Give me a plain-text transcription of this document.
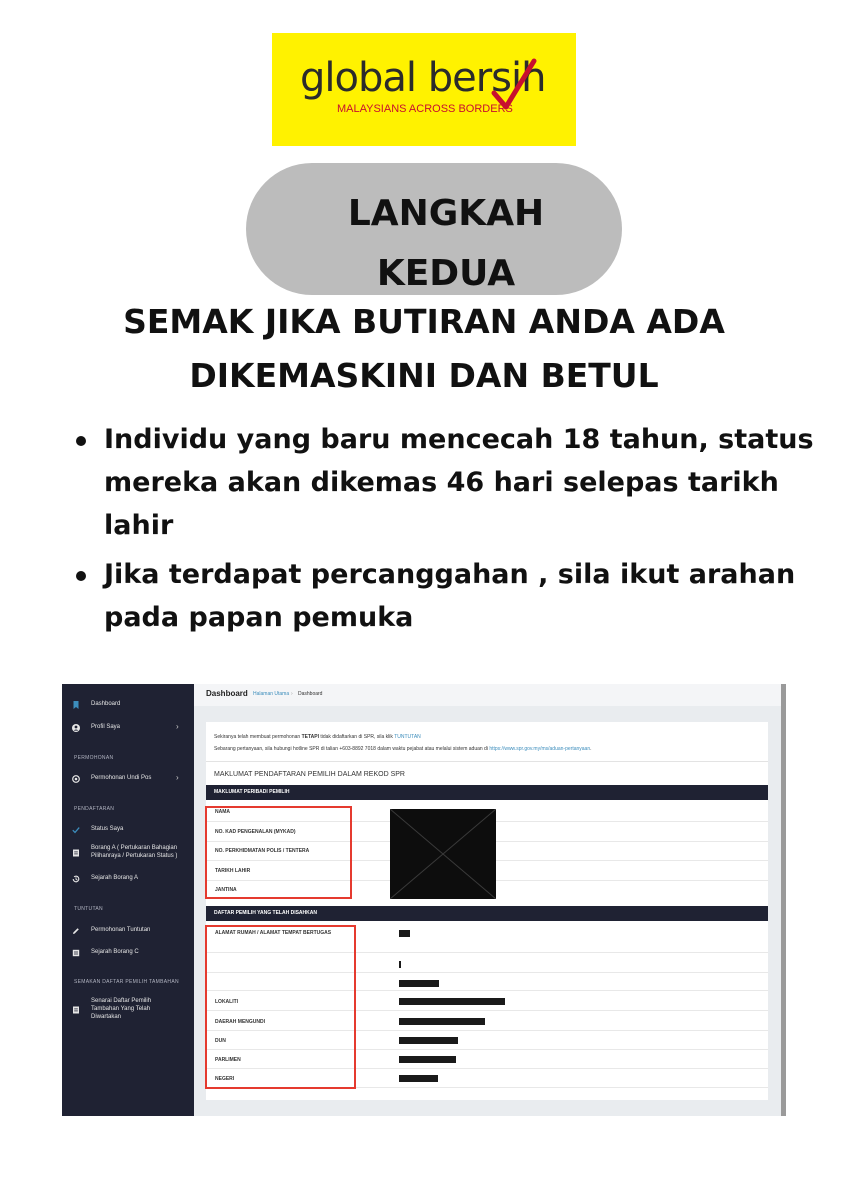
global bersih
MALAYSIANS ACROSS BORDERS
LANGKAH
KEDUA
SEMAK JIKA BUTIRAN ANDA ADA
DIKEMASKINI DAN BETUL
Individu yang baru mencecah 18 tahun, status mereka akan dikemas 46 hari selepas tarikh lahir
Jika terdapat percanggahan , sila ikut arahan pada papan pemuka
Dashboard
Profil Saya	›
PERMOHONAN
Permohonan Undi Pos	›
PENDAFTARAN
Status Saya
Borang A ( Pertukaran Bahagian
Pilihanraya / Pertukaran Status )
Sejarah Borang A
TUNTUTAN
Permohonan Tuntutan
Sejarah Borang C
SEMAKAN DAFTAR PEMILIH TAMBAHAN
Senarai Daftar Pemilih
Tambahan Yang Telah
Diwartakan
Dashboard Halaman Utama › Dashboard
Sekiranya telah membuat permohonan TETAPI tidak didaftarkan di SPR, sila klik TUNTUTAN
Sebarang pertanyaan, sila hubungi hotline SPR di talian +603-8892 7018 dalam waktu pejabat atau melalui sistem aduan di https://www.spr.gov.my/ms/aduan-pertanyaan.
MAKLUMAT PENDAFTARAN PEMILIH DALAM REKOD SPR
MAKLUMAT PERIBADI PEMILIH
NAMA
NO. KAD PENGENALAN (MYKAD)
NO. PERKHIDMATAN POLIS / TENTERA
TARIKH LAHIR
JANTINA
DAFTAR PEMILIH YANG TELAH DISAHKAN
ALAMAT RUMAH / ALAMAT TEMPAT BERTUGAS
LOKALITI
DAERAH MENGUNDI
DUN
PARLIMEN
NEGERI
